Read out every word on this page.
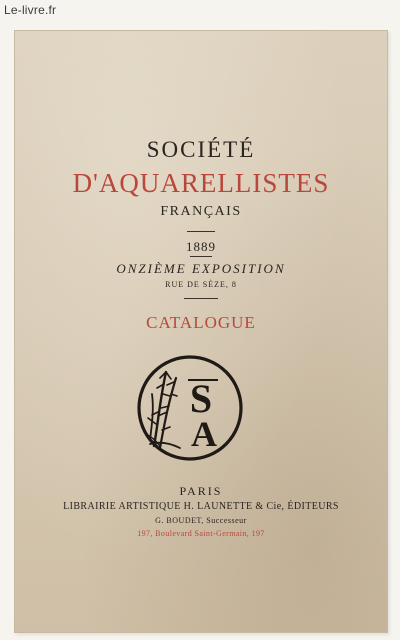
Le-livre.fr
SOCIÉTÉ
D'AQUARELLISTES
FRANÇAIS
1889
ONZIÈME EXPOSITION
RUE DE SÈZE, 8
CATALOGUE
S
A
PARIS
LIBRAIRIE ARTISTIQUE H. LAUNETTE & Cie, ÉDITEURS
G. BOUDET, Successeur
197, Boulevard Saint-Germain, 197
